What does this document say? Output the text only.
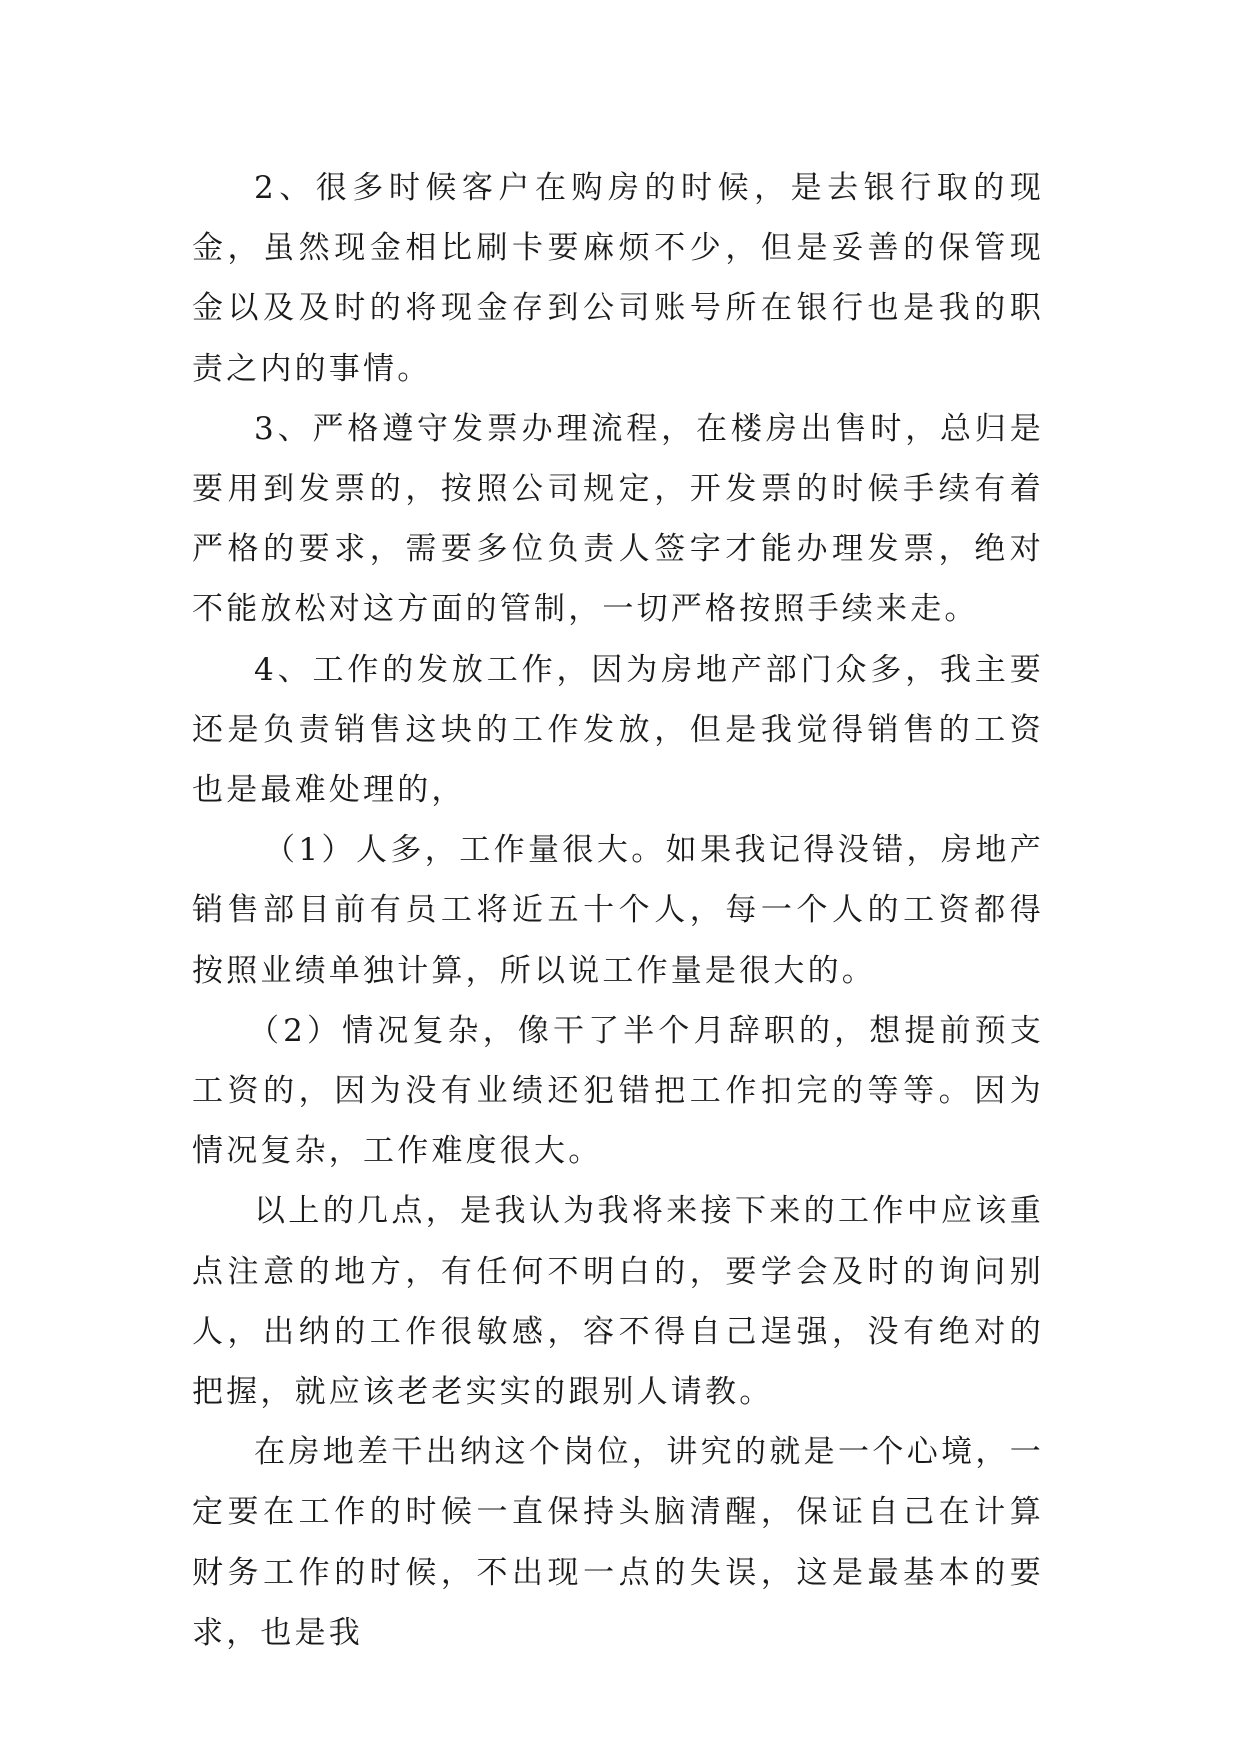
2、很多时候客户在购房的时候，是去银行取的现金，虽然现金相比刷卡要麻烦不少，但是妥善的保管现金以及及时的将现金存到公司账号所在银行也是我的职责之内的事情。

3、严格遵守发票办理流程，在楼房出售时，总归是要用到发票的，按照公司规定，开发票的时候手续有着严格的要求，需要多位负责人签字才能办理发票，绝对不能放松对这方面的管制，一切严格按照手续来走。

4、工作的发放工作，因为房地产部门众多，我主要还是负责销售这块的工作发放，但是我觉得销售的工资也是最难处理的，

（1）人多，工作量很大。如果我记得没错，房地产销售部目前有员工将近五十个人，每一个人的工资都得按照业绩单独计算，所以说工作量是很大的。

（2）情况复杂，像干了半个月辞职的，想提前预支工资的，因为没有业绩还犯错把工作扣完的等等。因为情况复杂，工作难度很大。

以上的几点，是我认为我将来接下来的工作中应该重点注意的地方，有任何不明白的，要学会及时的询问别人，出纳的工作很敏感，容不得自己逞强，没有绝对的把握，就应该老老实实的跟别人请教。

在房地差干出纳这个岗位，讲究的就是一个心境，一定要在工作的时候一直保持头脑清醒，保证自己在计算财务工作的时候，不出现一点的失误，这是最基本的要求，也是我
